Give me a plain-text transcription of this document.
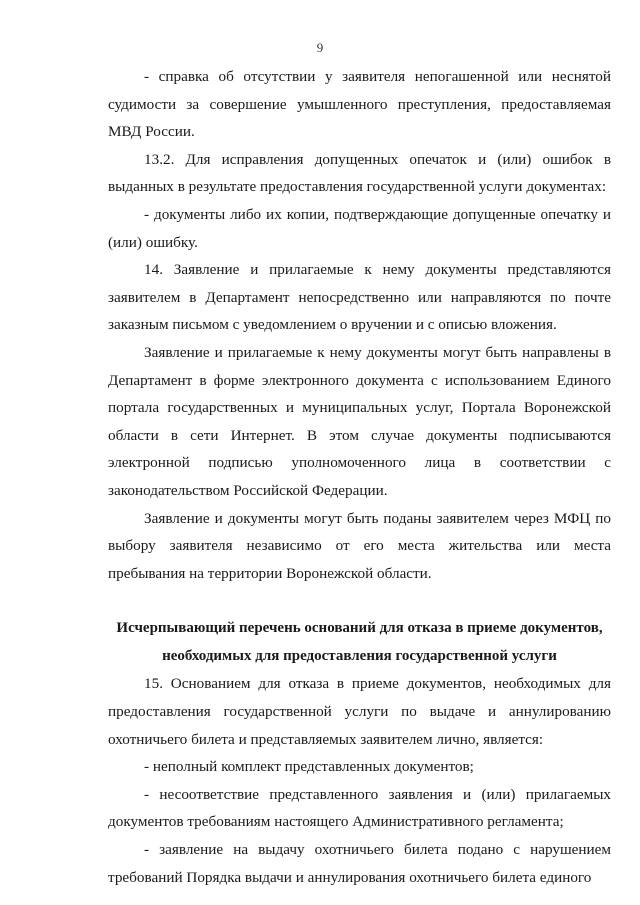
9

- справка об отсутствии у заявителя непогашенной или неснятой судимости за совершение умышленного преступления, предоставляемая МВД России.

13.2. Для исправления допущенных опечаток и (или) ошибок в выданных в результате предоставления государственной услуги документах:

- документы либо их копии, подтверждающие допущенные опечатку и (или) ошибку.

14. Заявление и прилагаемые к нему документы представляются заявителем в Департамент непосредственно или направляются по почте заказным письмом с уведомлением о вручении и с описью вложения.

Заявление и прилагаемые к нему документы могут быть направлены в Департамент в форме электронного документа с использованием Единого портала государственных и муниципальных услуг, Портала Воронежской области в сети Интернет. В этом случае документы подписываются электронной подписью уполномоченного лица в соответствии с законодательством Российской Федерации.

Заявление и документы могут быть поданы заявителем через МФЦ по выбору заявителя независимо от его места жительства или места пребывания на территории Воронежской области.

Исчерпывающий перечень оснований для отказа в приеме документов, необходимых для предоставления государственной услуги

15. Основанием для отказа в приеме документов, необходимых для предоставления государственной услуги по выдаче и аннулированию охотничьего билета и представляемых заявителем лично, является:

- неполный комплект представленных документов;

- несоответствие представленного заявления и (или) прилагаемых документов требованиям настоящего Административного регламента;

- заявление на выдачу охотничьего билета подано с нарушением требований Порядка выдачи и аннулирования охотничьего билета единого
